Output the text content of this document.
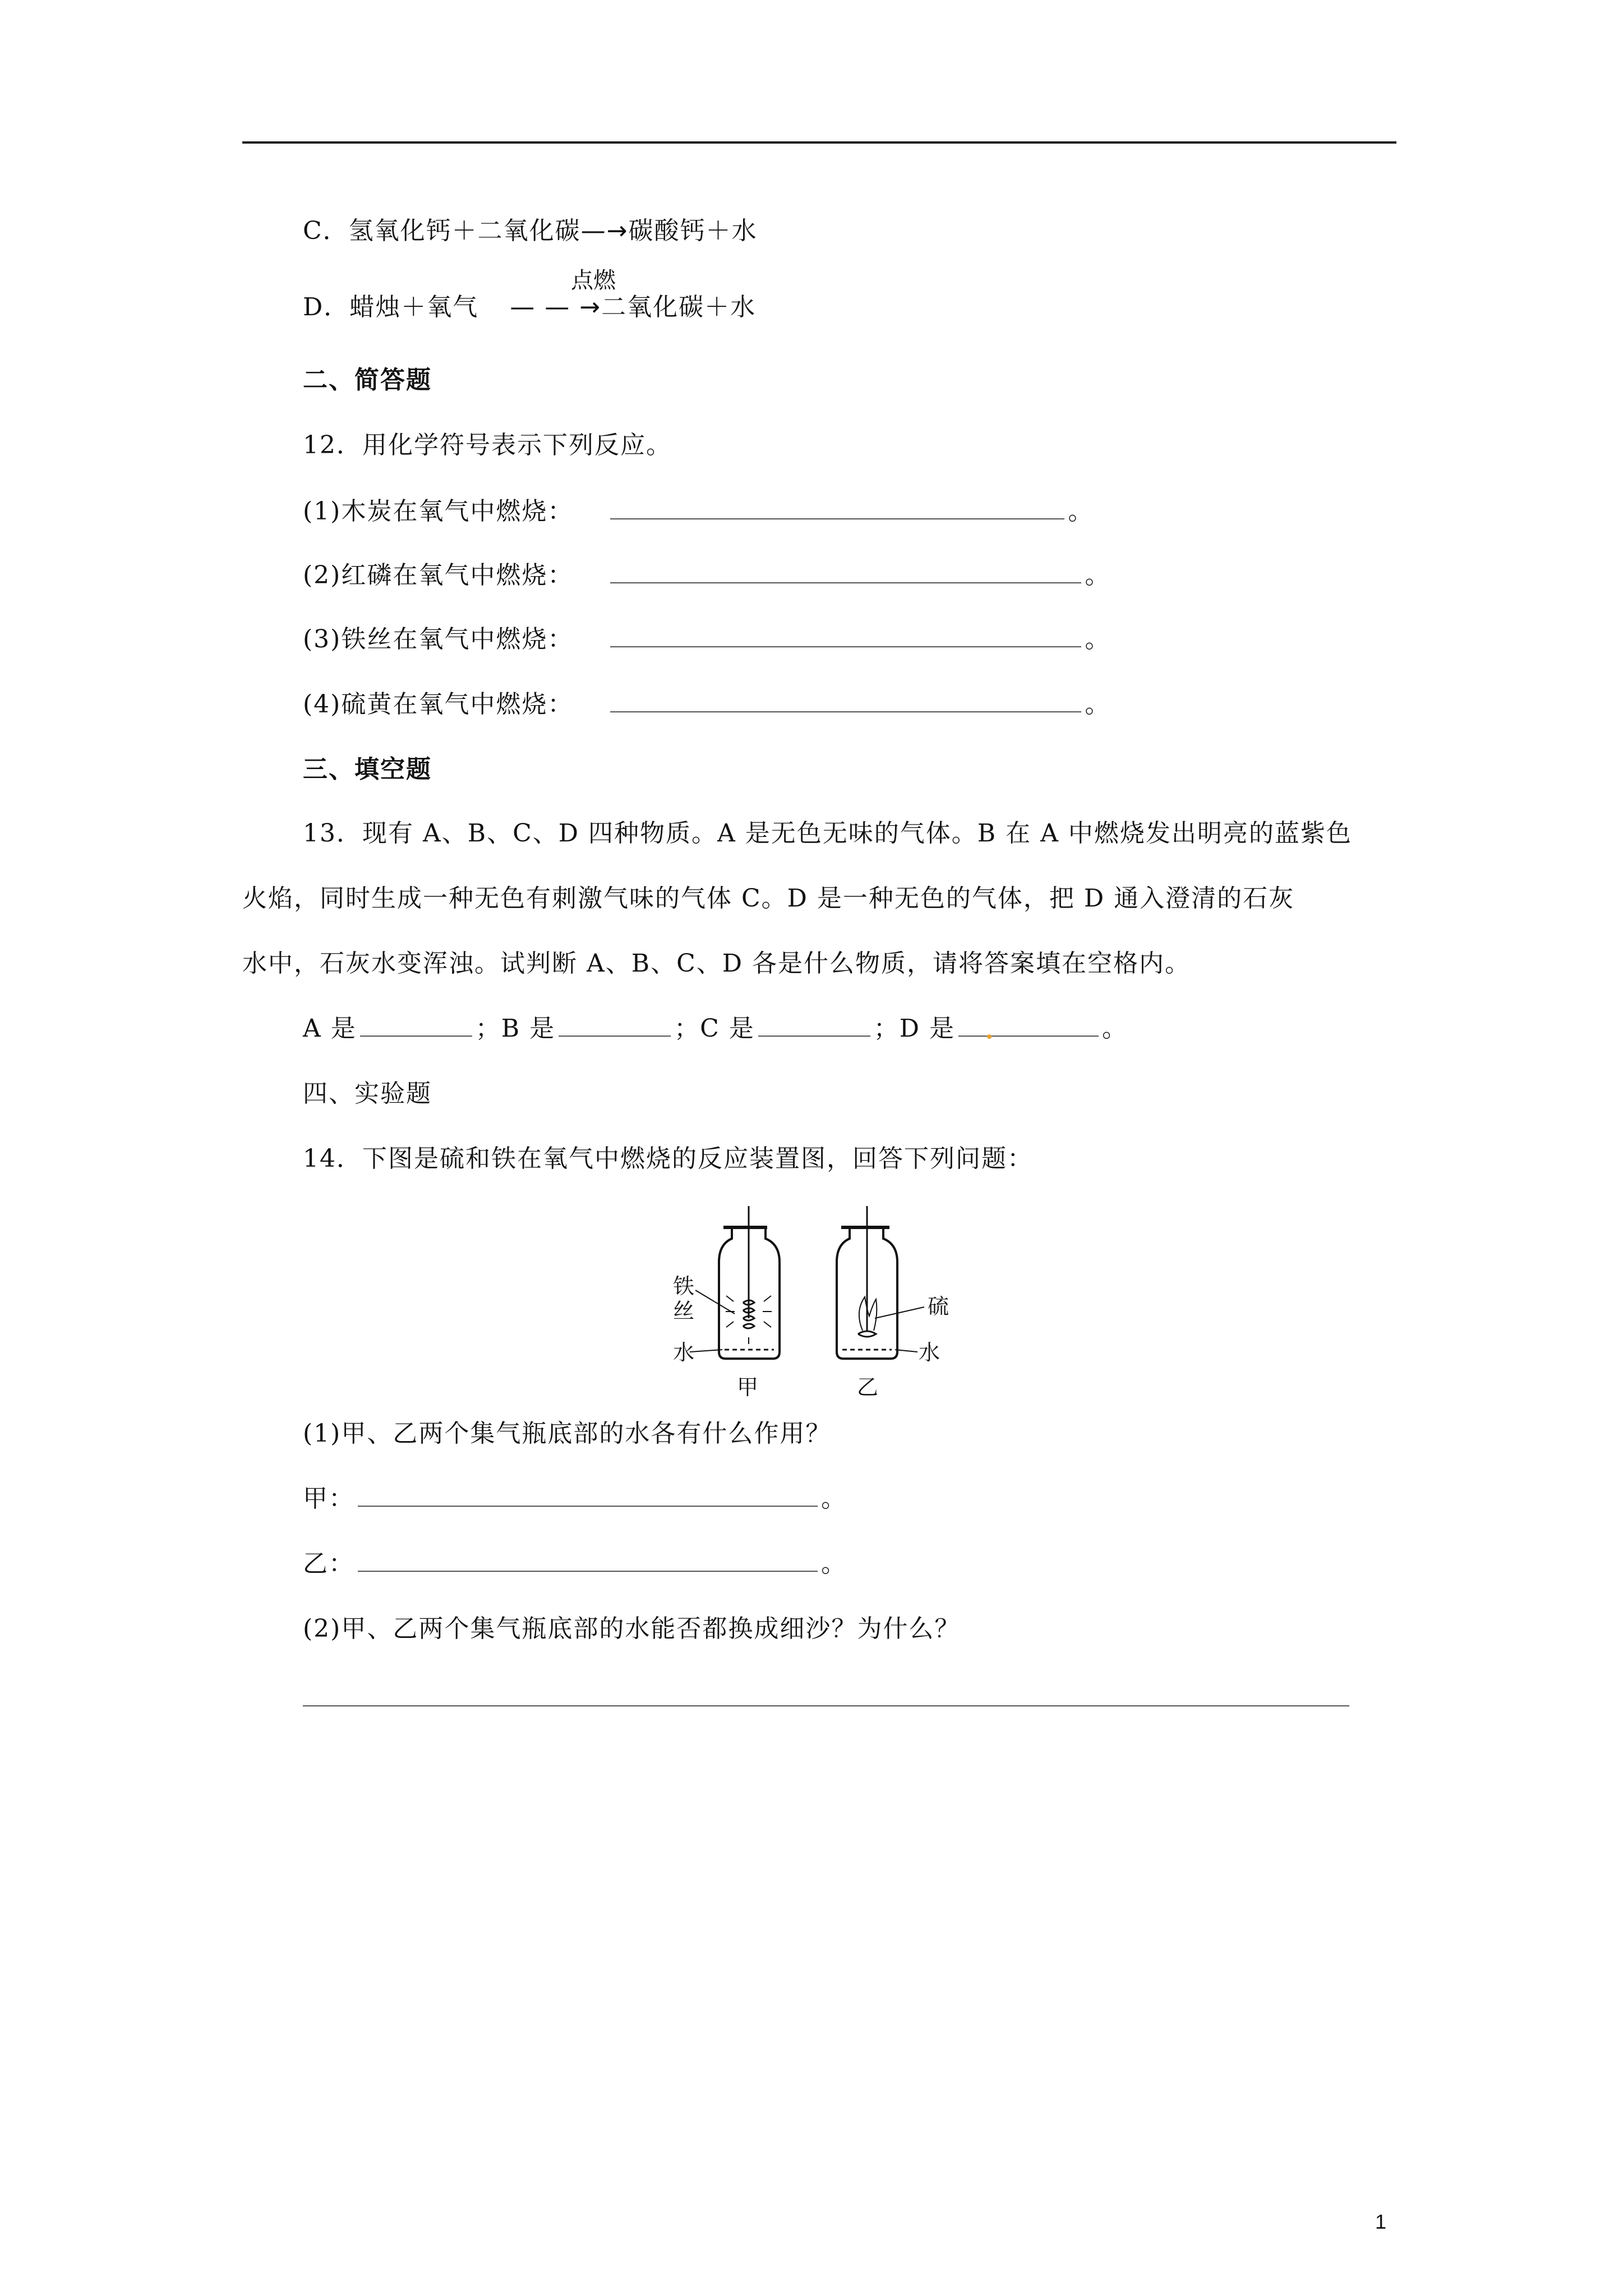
C．氢氧化钙＋二氧化碳—→碳酸钙＋水
点燃
D．蜡烛＋氧气 — — →二氧化碳＋水
二、简答题
12．用化学符号表示下列反应。
(1)木炭在氧气中燃烧：	。
(2)红磷在氧气中燃烧：	。
(3)铁丝在氧气中燃烧：	。
(4)硫黄在氧气中燃烧：	。
三、填空题
13．现有 A、B、C、D 四种物质。A 是无色无味的气体。B 在 A 中燃烧发出明亮的蓝紫色
火焰，同时生成一种无色有刺激气味的气体 C。D 是一种无色的气体，把 D 通入澄清的石灰
水中，石灰水变浑浊。试判断 A、B、C、D 各是什么物质，请将答案填在空格内。
A 是	；B 是	；C 是	；D 是	。
四、实验题
14．下图是硫和铁在氧气中燃烧的反应装置图，回答下列问题：
铁
丝
水
甲
硫
水
乙
(1)甲、乙两个集气瓶底部的水各有什么作用？
甲：	。
乙：	。
(2)甲、乙两个集气瓶底部的水能否都换成细沙？为什么？
1
